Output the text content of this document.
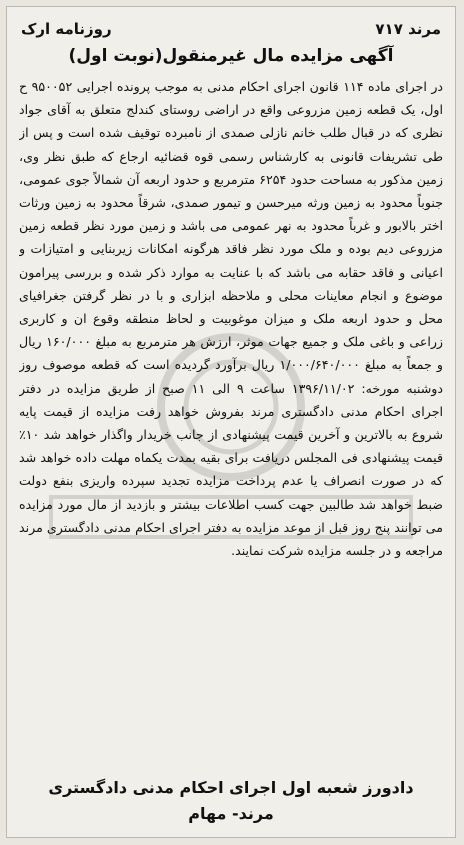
مرند ۷۱۷
روزنامه ارک
آگهی مزایده مال غیرمنقول(نوبت اول)
در اجرای ماده ۱۱۴ قانون اجرای احکام مدنی به موجب پرونده اجرایی ۹۵۰۰۵۲ ح اول، یک قطعه زمین مزروعی واقع در اراضی روستای کندلج متعلق به آقای جواد نظری که در قبال طلب خانم نازلی صمدی از نامبرده توقیف شده است و پس از طی تشریفات قانونی به کارشناس رسمی قوه قضائیه ارجاع که طبق نظر وی، زمین مذکور به مساحت حدود ۶۲۵۴ مترمربع و حدود اربعه آن شمالاً جوی عمومی، جنوباً محدود به زمین ورثه میرحسن و تیمور صمدی، شرقاً محدود به زمین ورثات اختر بالابور و غرباً محدود به نهر عمومی می باشد و زمین مورد نظر قطعه زمین مزروعی دیم بوده و ملک مورد نظر فاقد هرگونه امکانات زیربنایی و امتیازات و اعیانی و فاقد حقابه می باشد که با عنایت به موارد ذکر شده و بررسی پیرامون موضوع و انجام معاینات محلی و ملاحظه ابزاری و با در نظر گرفتن جغرافیای محل و حدود اربعه ملک و میزان موغوبیت و لحاظ منطقه وقوع ان و کاربری زراعی و باغی ملک و جمیع جهات موثر، ارزش هر مترمربع به مبلغ ۱۶۰/۰۰۰ ریال و جمعاً به مبلغ ۱/۰۰۰/۶۴۰/۰۰۰ ریال برآورد گردیده است که قطعه موصوف روز دوشنبه مورخه: ۱۳۹۶/۱۱/۰۲ ساعت ۹ الی ۱۱ صبح از طریق مزایده در دفتر اجرای احکام مدنی دادگستری مرند بفروش خواهد رفت مزایده از قیمت پایه شروع به بالاترین و آخرین قیمت پیشنهادی از جانب خریدار واگذار خواهد شد ۱۰٪ قیمت پیشنهادی فی المجلس دریافت برای بقیه بمدت یکماه مهلت داده خواهد شد که در صورت انصراف یا عدم پرداخت مزایده تجدید سپرده واریزی بنفع دولت ضبط خواهد شد طالبین جهت کسب اطلاعات بیشتر و بازدید از مال مورد مزایده می توانند پنج روز قبل از موعد مزایده به دفتر اجرای احکام مدنی دادگستری مرند مراجعه و در جلسه مزایده شرکت نمایند.
دادورز شعبه اول اجرای احکام مدنی دادگستری
مرند- مهام
